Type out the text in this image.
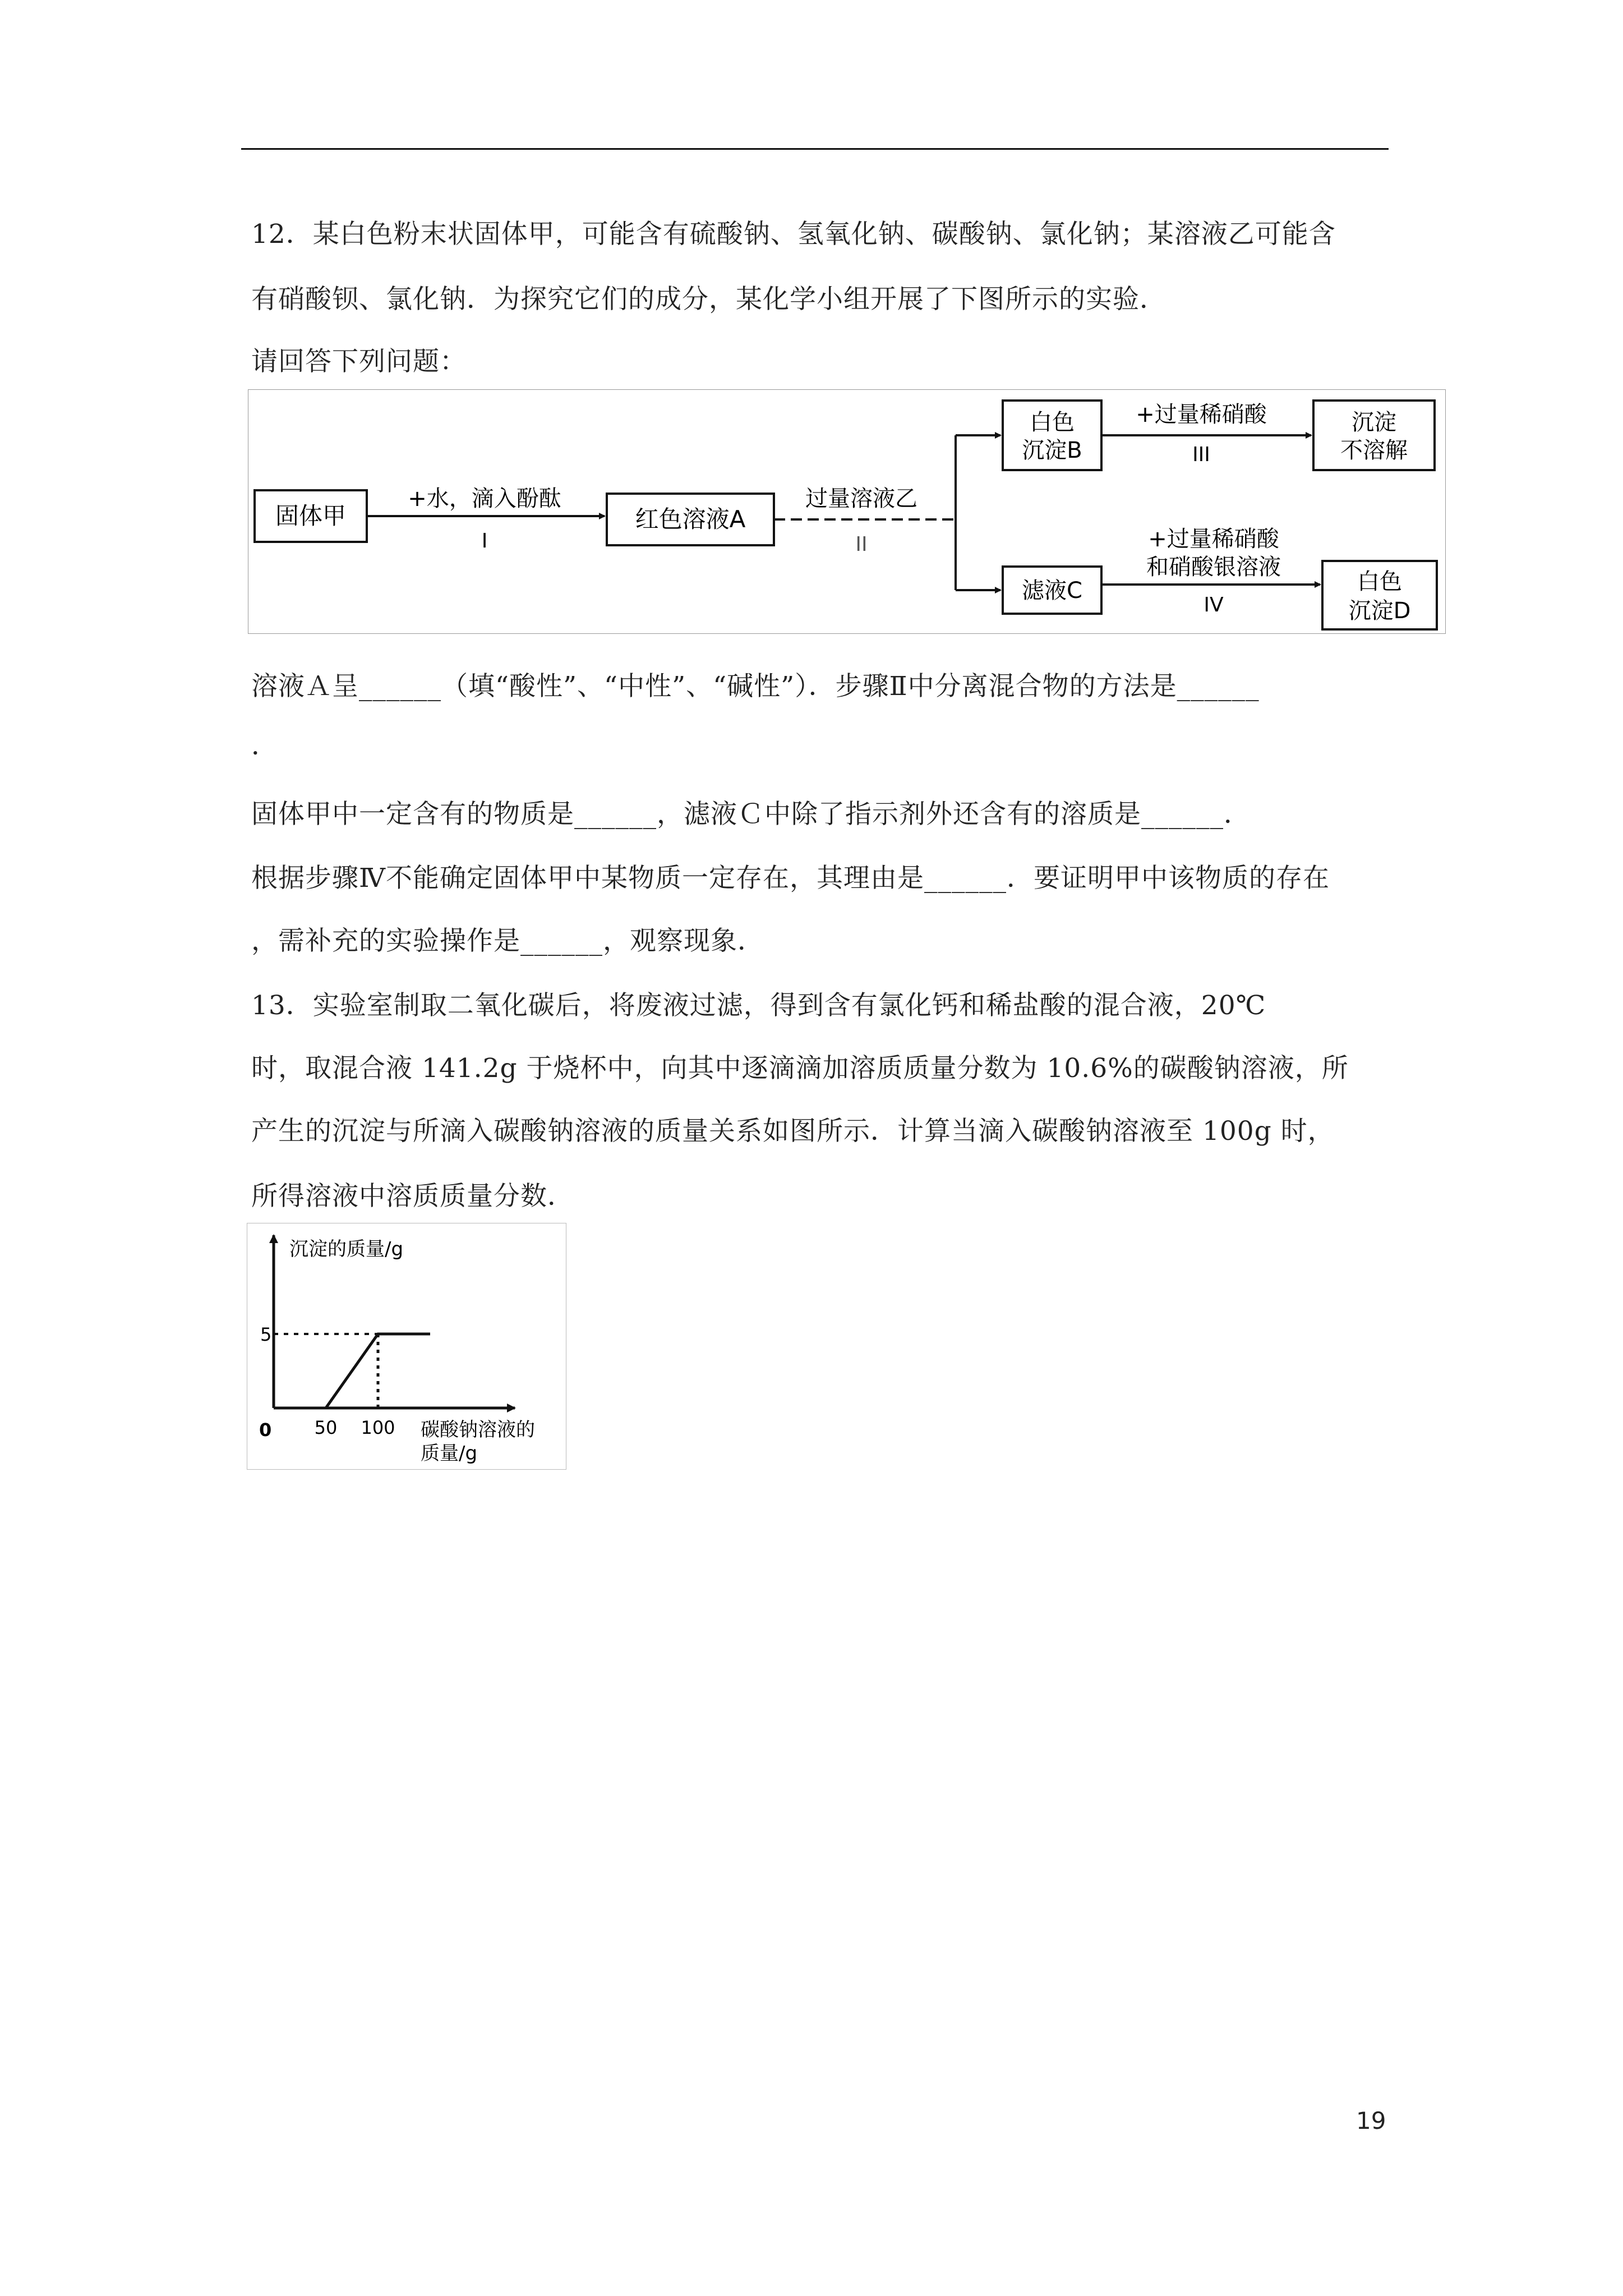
12．某白色粉末状固体甲，可能含有硫酸钠、氢氧化钠、碳酸钠、氯化钠；某溶液乙可能含
有硝酸钡、氯化钠．为探究它们的成分，某化学小组开展了下图所示的实验．
请回答下列问题：
固体甲	红色溶液A
白色
沉淀B
沉淀
不溶解
滤液C	白色
沉淀D
+水，滴入酚酞
I
过量溶液乙
II
+过量稀硝酸
III
+过量稀硝酸
和硝酸银溶液
IV
溶液Ａ呈______（填“酸性”、“中性”、“碱性”）．步骤Ⅱ中分离混合物的方法是______
．
固体甲中一定含有的物质是______，滤液Ｃ中除了指示剂外还含有的溶质是______．
根据步骤Ⅳ不能确定固体甲中某物质一定存在，其理由是______．要证明甲中该物质的存在
，需补充的实验操作是______，观察现象．
13．实验室制取二氧化碳后，将废液过滤，得到含有氯化钙和稀盐酸的混合液，20℃
时，取混合液 141.2g 于烧杯中，向其中逐滴滴加溶质质量分数为 10.6%的碳酸钠溶液，所
产生的沉淀与所滴入碳酸钠溶液的质量关系如图所示．计算当滴入碳酸钠溶液至 100g 时，
所得溶液中溶质质量分数．
沉淀的质量/g
碳酸钠溶液的
质量/g
0 50 100
5
19
